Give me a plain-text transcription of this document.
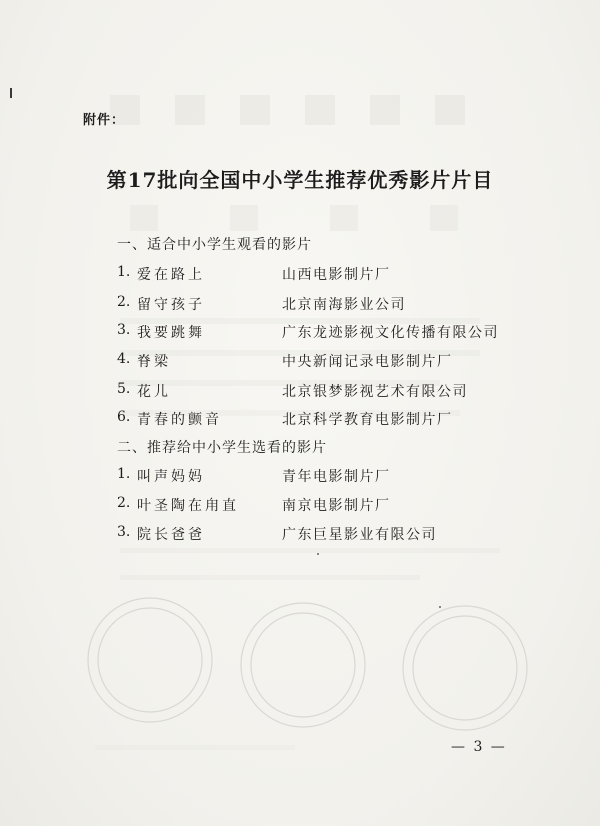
附件：
第17批向全国中小学生推荐优秀影片片目
一、适合中小学生观看的影片
1. 爱在路上	山西电影制片厂
2. 留守孩子	北京南海影业公司
3. 我要跳舞	广东龙迹影视文化传播有限公司
4. 脊梁	中央新闻记录电影制片厂
5. 花儿	北京银梦影视艺术有限公司
6. 青春的颤音	北京科学教育电影制片厂
二、推荐给中小学生选看的影片
1. 叫声妈妈	青年电影制片厂
2. 叶圣陶在甪直	南京电影制片厂
3. 院长爸爸	广东巨星影业有限公司
— 3 —
